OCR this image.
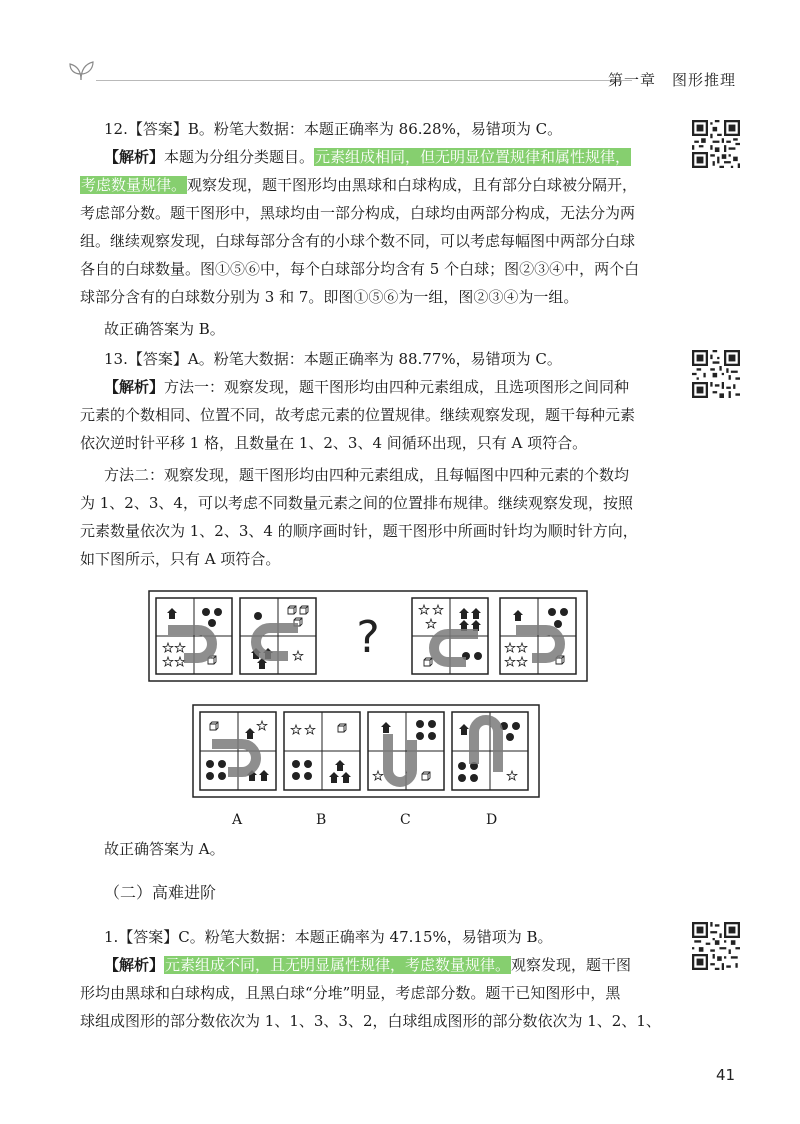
第一章 图形推理
12.【答案】B。粉笔大数据：本题正确率为 86.28%，易错项为 C。
【解析】本题为分组分类题目。元素组成相同，但无明显位置规律和属性规律，
考虑数量规律。观察发现，题干图形均由黑球和白球构成，且有部分白球被分隔开，
考虑部分数。题干图形中，黑球均由一部分构成，白球均由两部分构成，无法分为两
组。继续观察发现，白球每部分含有的小球个数不同，可以考虑每幅图中两部分白球
各自的白球数量。图①⑤⑥中，每个白球部分均含有 5 个白球；图②③④中，两个白
球部分含有的白球数分别为 3 和 7。即图①⑤⑥为一组，图②③④为一组。
故正确答案为 B。
13.【答案】A。粉笔大数据：本题正确率为 88.77%，易错项为 C。
【解析】方法一：观察发现，题干图形均由四种元素组成，且选项图形之间同种
元素的个数相同、位置不同，故考虑元素的位置规律。继续观察发现，题干每种元素
依次逆时针平移 1 格，且数量在 1、2、3、4 间循环出现，只有 A 项符合。
方法二：观察发现，题干图形均由四种元素组成，且每幅图中四种元素的个数均
为 1、2、3、4，可以考虑不同数量元素之间的位置排布规律。继续观察发现，按照
元素数量依次为 1、2、3、4 的顺序画时针，题干图形中所画时针均为顺时针方向，
如下图所示，只有 A 项符合。
?
A	B	C	D
故正确答案为 A。
（二）高难进阶
1.【答案】C。粉笔大数据：本题正确率为 47.15%，易错项为 B。
【解析】元素组成不同，且无明显属性规律，考虑数量规律。观察发现，题干图
形均由黑球和白球构成，且黑白球“分堆”明显，考虑部分数。题干已知图形中，黑
球组成图形的部分数依次为 1、1、3、3、2，白球组成图形的部分数依次为 1、2、1、
41
